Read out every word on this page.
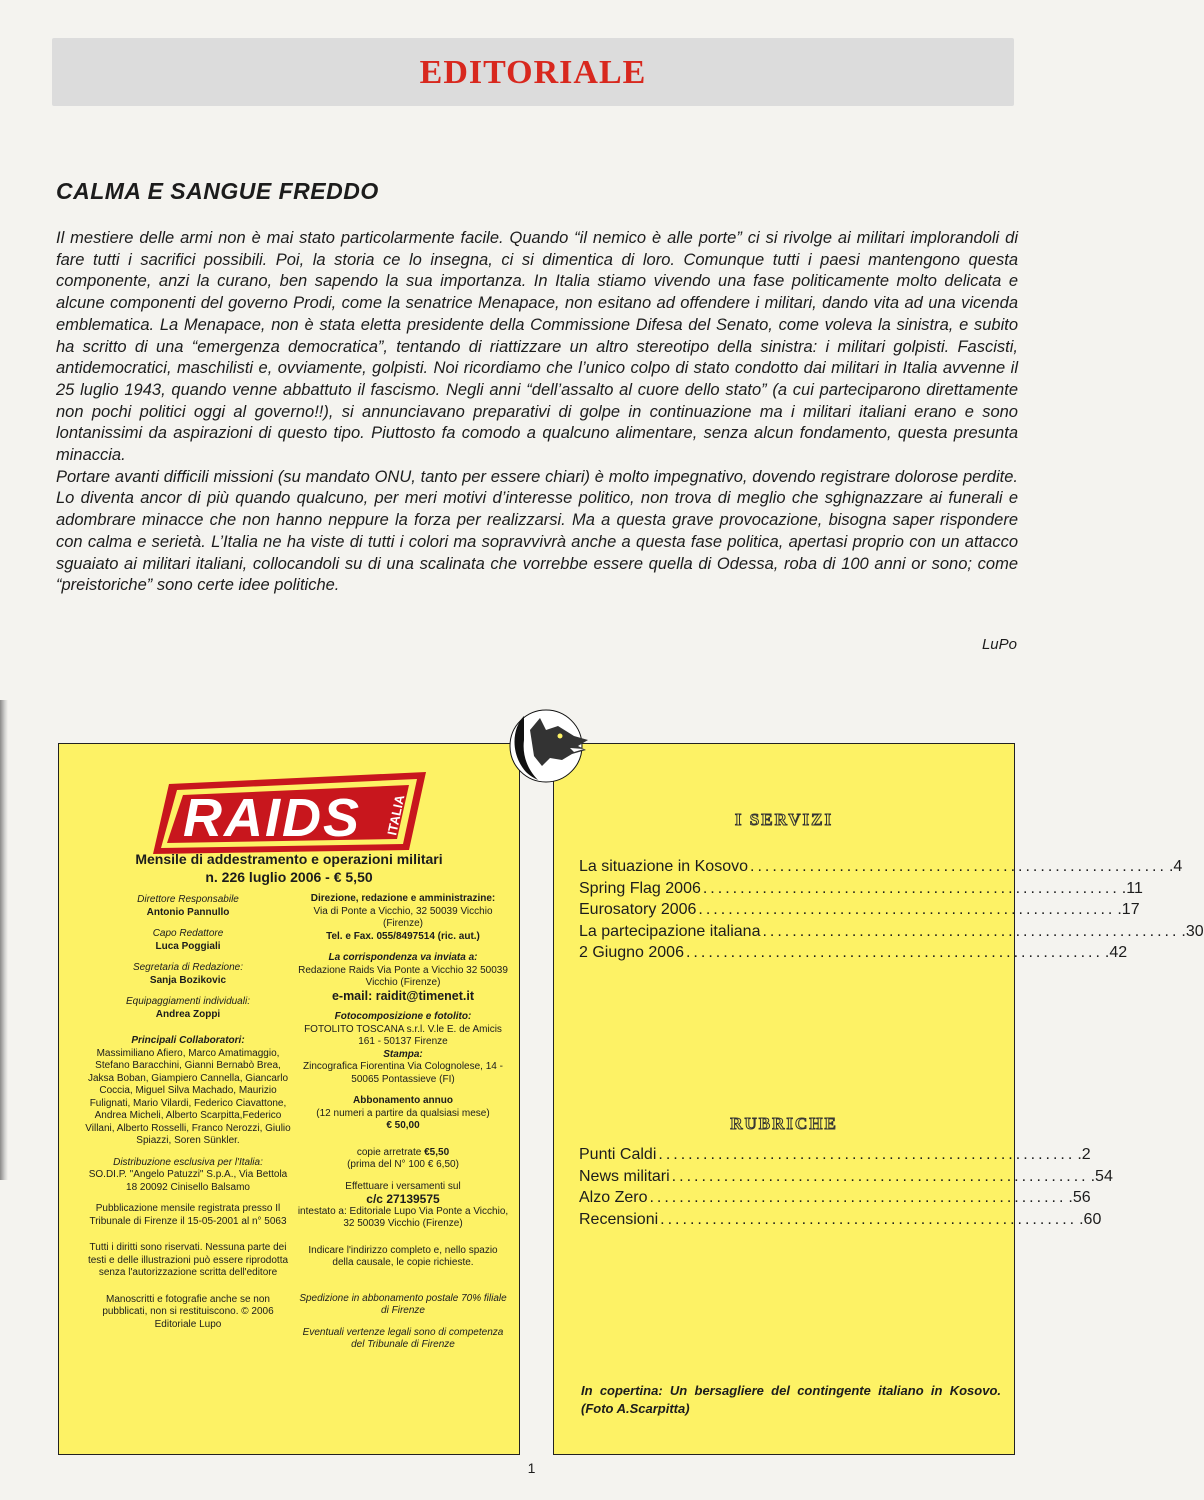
EDITORIALE
CALMA E SANGUE FREDDO

Il mestiere delle armi non è mai stato particolarmente facile. Quando “il nemico è alle porte” ci si rivolge ai militari implorandoli di fare tutti i sacrifici possibili. Poi, la storia ce lo insegna, ci si dimentica di loro. Comunque tutti i paesi mantengono questa componente, anzi la curano, ben sapendo la sua importanza. In Italia stiamo vivendo una fase politicamente molto delicata e alcune componenti del governo Prodi, come la senatrice Menapace, non esitano ad offendere i militari, dando vita ad una vicenda emblematica. La Menapace, non è stata eletta presidente della Commissione Difesa del Senato, come voleva la sinistra, e subito ha scritto di una “emergenza democratica”, tentando di riattizzare un altro stereotipo della sinistra: i militari golpisti. Fascisti, antidemocratici, maschilisti e, ovviamente, golpisti. Noi ricordiamo che l’unico colpo di stato condotto dai militari in Italia avvenne il 25 luglio 1943, quando venne abbattuto il fascismo. Negli anni “dell’assalto al cuore dello stato” (a cui parteciparono direttamente non pochi politici oggi al governo!!), si annunciavano preparativi di golpe in continuazione ma i militari italiani erano e sono lontanissimi da aspirazioni di questo tipo. Piuttosto fa comodo a qualcuno alimentare, senza alcun fondamento, questa presunta minaccia.

Portare avanti difficili missioni (su mandato ONU, tanto per essere chiari) è molto impegnativo, dovendo registrare dolorose perdite. Lo diventa ancor di più quando qualcuno, per meri motivi d’interesse politico, non trova di meglio che sghignazzare ai funerali e adombrare minacce che non hanno neppure la forza per realizzarsi. Ma a questa grave provocazione, bisogna saper rispondere con calma e serietà. L’Italia ne ha viste di tutti i colori ma sopravvivrà anche a questa fase politica, apertasi proprio con un attacco sguaiato ai militari italiani, collocandoli su di una scalinata che vorrebbe essere quella di Odessa, roba di 100 anni or sono; come “preistoriche” sono certe idee politiche.

LuPo
RAIDS ITALIA
Mensile di addestramento e operazioni militari
n. 226 luglio 2006 - € 5,50

Direttore Responsabile

Antonio Pannullo

Capo Redattore

Luca Poggiali

Segretaria di Redazione:

Sanja Bozikovic

Equipaggiamenti individuali:

Andrea Zoppi

Principali Collaboratori:

Massimiliano Afiero, Marco Amatimaggio, Stefano Baracchini, Gianni Bernabò Brea, Jaksa Boban, Giampiero Cannella, Giancarlo Coccia, Miguel Silva Machado, Maurizio Fulignati, Mario Vilardi, Federico Ciavattone, Andrea Micheli, Alberto Scarpitta,Federico Villani, Alberto Rosselli, Franco Nerozzi, Giulio Spiazzi, Soren Sünkler.

Distribuzione esclusiva per l'Italia:

SO.DI.P. "Angelo Patuzzi" S.p.A., Via Bettola 18 20092 Cinisello Balsamo

Pubblicazione mensile registrata presso Il Tribunale di Firenze il 15-05-2001 al n° 5063

Tutti i diritti sono riservati. Nessuna parte dei testi e delle illustrazioni può essere riprodotta senza l'autorizzazione scritta dell'editore

Manoscritti e fotografie anche se non pubblicati, non si restituiscono. © 2006 Editoriale Lupo

Direzione, redazione e amministrazine:

Via di Ponte a Vicchio, 32 50039 Vicchio (Firenze)

Tel. e Fax. 055/8497514 (ric. aut.)

La corrispondenza va inviata a:

Redazione Raids Via Ponte a Vicchio 32 50039 Vicchio (Firenze)

e-mail: raidit@timenet.it

Fotocomposizione e fotolito:

FOTOLITO TOSCANA s.r.l. V.le E. de Amicis 161 - 50137 Firenze

Stampa:

Zincografica Fiorentina Via Colognolese, 14 - 50065 Pontassieve (FI)

Abbonamento annuo

(12 numeri a partire da qualsiasi mese)

€ 50,00

copie arretrate €5,50

(prima del N° 100 € 6,50)

Effettuare i versamenti sul

c/c 27139575

intestato a: Editoriale Lupo Via Ponte a Vicchio, 32 50039 Vicchio (Firenze)

Indicare l'indirizzo completo e, nello spazio della causale, le copie richieste.

Spedizione in abbonamento postale 70% filiale di Firenze

Eventuali vertenze legali sono di competenza del Tribunale di Firenze

I SERVIZI
La situazione in Kosovo ........................................................ .4
Spring Flag 2006 ........................................................ .11
Eurosatory 2006 ........................................................ .17
La partecipazione italiana ........................................................ .30
2 Giugno 2006 ........................................................ .42
RUBRICHE
Punti Caldi ........................................................ .2
News militari ........................................................ .54
Alzo Zero ........................................................ .56
Recensioni ........................................................ .60
In copertina: Un bersagliere del contingente italiano in Kosovo. (Foto A.Scarpitta)
1
